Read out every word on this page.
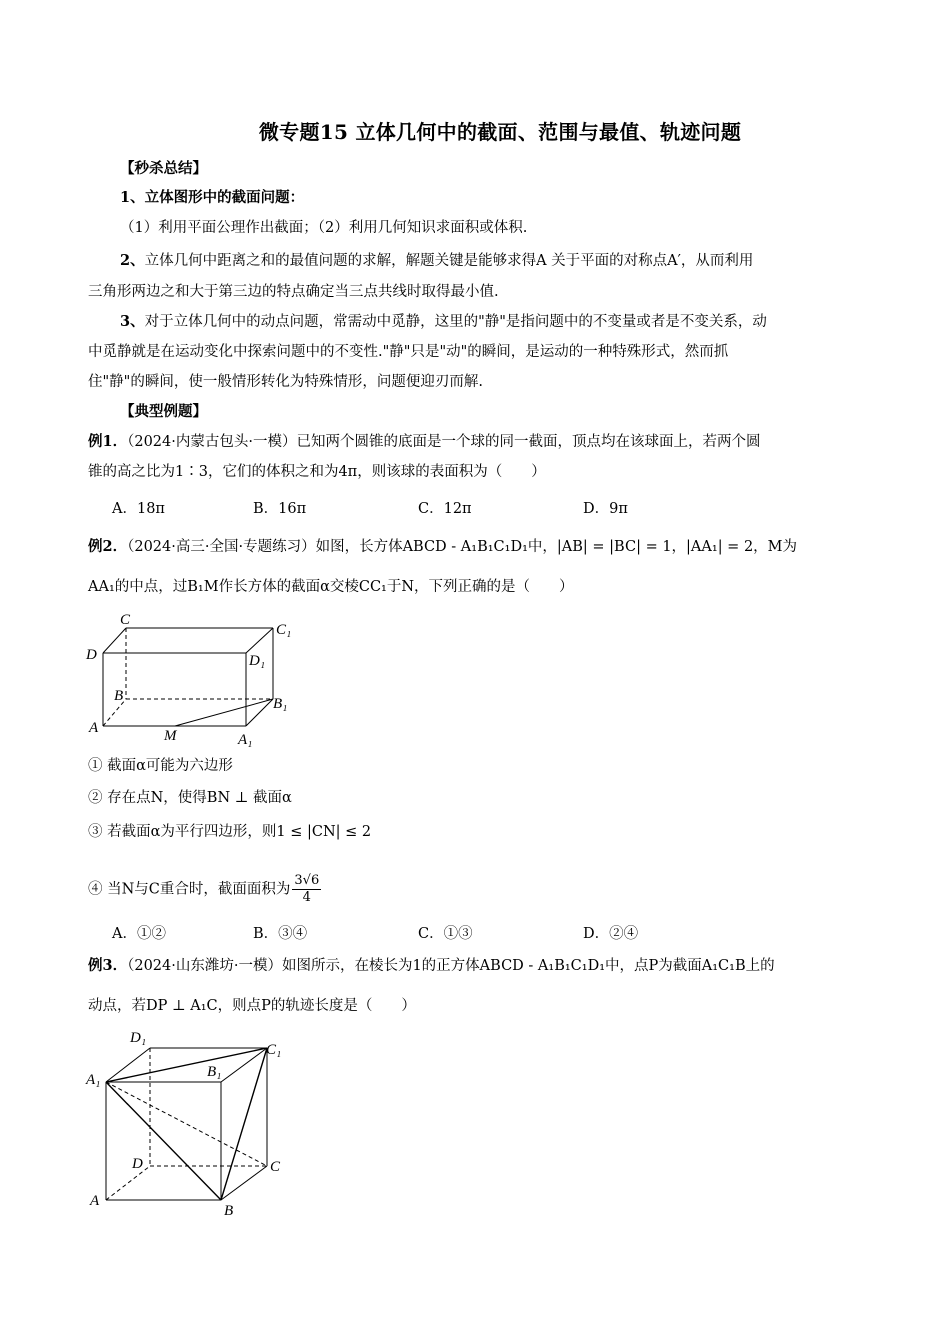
微专题15 立体几何中的截面、范围与最值、轨迹问题
【秒杀总结】
1、立体图形中的截面问题：
（1）利用平面公理作出截面；（2）利用几何知识求面积或体积.
2、立体几何中距离之和的最值问题的求解，解题关键是能够求得A 关于平面的对称点A′，从而利用
三角形两边之和大于第三边的特点确定当三点共线时取得最小值.
3、对于立体几何中的动点问题，常需动中觅静，这里的"静"是指问题中的不变量或者是不变关系，动
中觅静就是在运动变化中探索问题中的不变性."静"只是"动"的瞬间，是运动的一种特殊形式，然而抓
住"静"的瞬间，使一般情形转化为特殊情形，问题便迎刃而解.
【典型例题】
例1．（2024·内蒙古包头·一模）已知两个圆锥的底面是一个球的同一截面，顶点均在该球面上，若两个圆
锥的高之比为1∶3，它们的体积之和为4π，则该球的表面积为（　　）
A．18π	B．16π	C．12π	D．9π
例2．（2024·高三·全国·专题练习）如图，长方体ABCD - A₁B₁C₁D₁中，|AB| = |BC| = 1，|AA₁| = 2，M为
AA₁的中点，过B₁M作长方体的截面α交棱CC₁于N，下列正确的是（　　）
C
C₁
D	D₁
B	B₁
A	M	A₁
① 截面α可能为六边形
② 存在点N，使得BN ⊥ 截面α
③ 若截面α为平行四边形，则1 ≤ |CN| ≤ 2
④ 当N与C重合时，截面面积为 $\frac{3√6}{4}$
A．①②	B．③④	C．①③	D．②④
例3．（2024·山东潍坊·一模）如图所示，在棱长为1的正方体ABCD - A₁B₁C₁D₁中，点P为截面A₁C₁B上的
动点，若DP ⊥ A₁C，则点P的轨迹长度是（　　）
D₁
C₁
A₁	B₁
D	C
A
B
